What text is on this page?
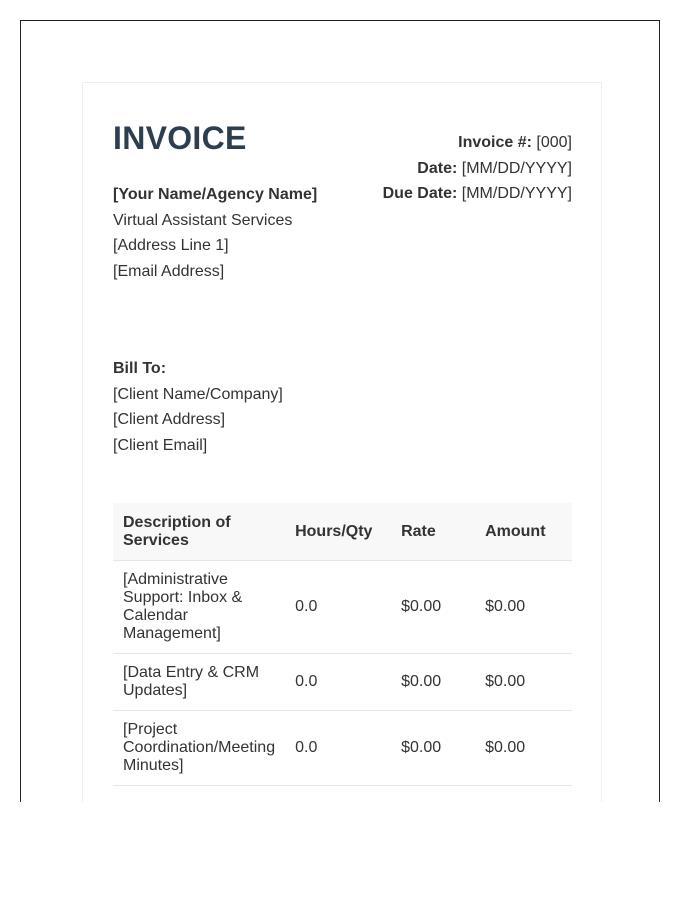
INVOICE	Invoice #: [000]
Date: [MM/DD/YYYY]
Due Date: [MM/DD/YYYY]
[Your Name/Agency Name]
Virtual Assistant Services
[Address Line 1]
[Email Address]
Bill To:
[Client Name/Company]
[Client Address]
[Client Email]
Description of Services	Hours/Qty	Rate	Amount
[Administrative Support: Inbox & Calendar Management]	0.0	$0.00	$0.00
[Data Entry & CRM Updates]	0.0	$0.00	$0.00
[Project Coordination/Meeting Minutes]	0.0	$0.00	$0.00
